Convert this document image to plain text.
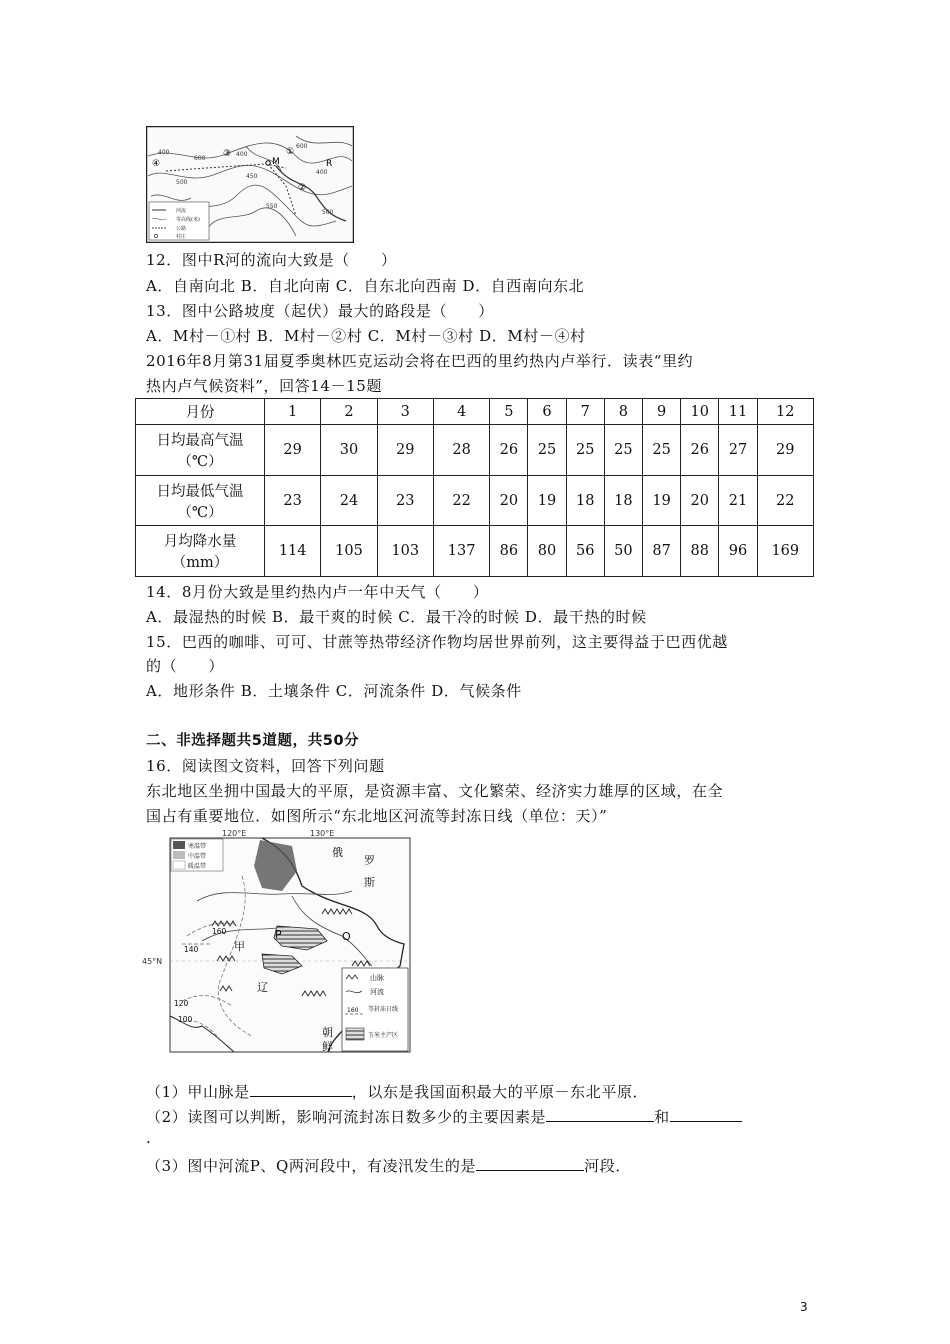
400
500
600
400
450
600
400
550
500
R
M
①
②
③
④
河流
等高线(米)
公路
村庄
12．图中R河的流向大致是（　　）
A．自南向北 B．自北向南 C．自东北向西南 D．自西南向东北
13．图中公路坡度（起伏）最大的路段是（　　）
A．M村－①村 B．M村－②村 C．M村－③村 D．M村－④村
2016年8月第31届夏季奥林匹克运动会将在巴西的里约热内卢举行．读表“里约
热内卢气候资料”，回答14－15题
月份	1	2	3	4	5	6	7	8	9	10	11	12
日均最高气温
（℃）	29	30	29	28	26	25	25	25	25	26	27	29
日均最低气温
（℃）	23	24	23	22	20	19	18	18	19	20	21	22
月均降水量
（mm）	114	105	103	137	86	80	56	50	87	88	96	169
14．8月份大致是里约热内卢一年中天气（　　）
A．最湿热的时候 B．最干爽的时候 C．最干冷的时候 D．最干热的时候
15．巴西的咖啡、可可、甘蔗等热带经济作物均居世界前列，这主要得益于巴西优越
的（　　）
A．地形条件 B．土壤条件 C．河流条件 D．气候条件
二、非选择题共5道题，共50分
16．阅读图文资料，回答下列问题
东北地区坐拥中国最大的平原，是资源丰富、文化繁荣、经济实力雄厚的区域，在全
国占有重要地位．如图所示“东北地区河流等封冻日线（单位：天）”
120°E	130°E
45°N
寒温带
中温带
暖温带
俄
罗
斯
甲
P	Q
辽
朝
鲜
160
140
120
100
山脉
河流
160 等封冻日线
玉米主产区
（1）甲山脉是	，以东是我国面积最大的平原－东北平原．
（2）读图可以判断，影响河流封冻日数多少的主要因素是	和
.
（3）图中河流P、Q两河段中，有凌汛发生的是	河段．
3
